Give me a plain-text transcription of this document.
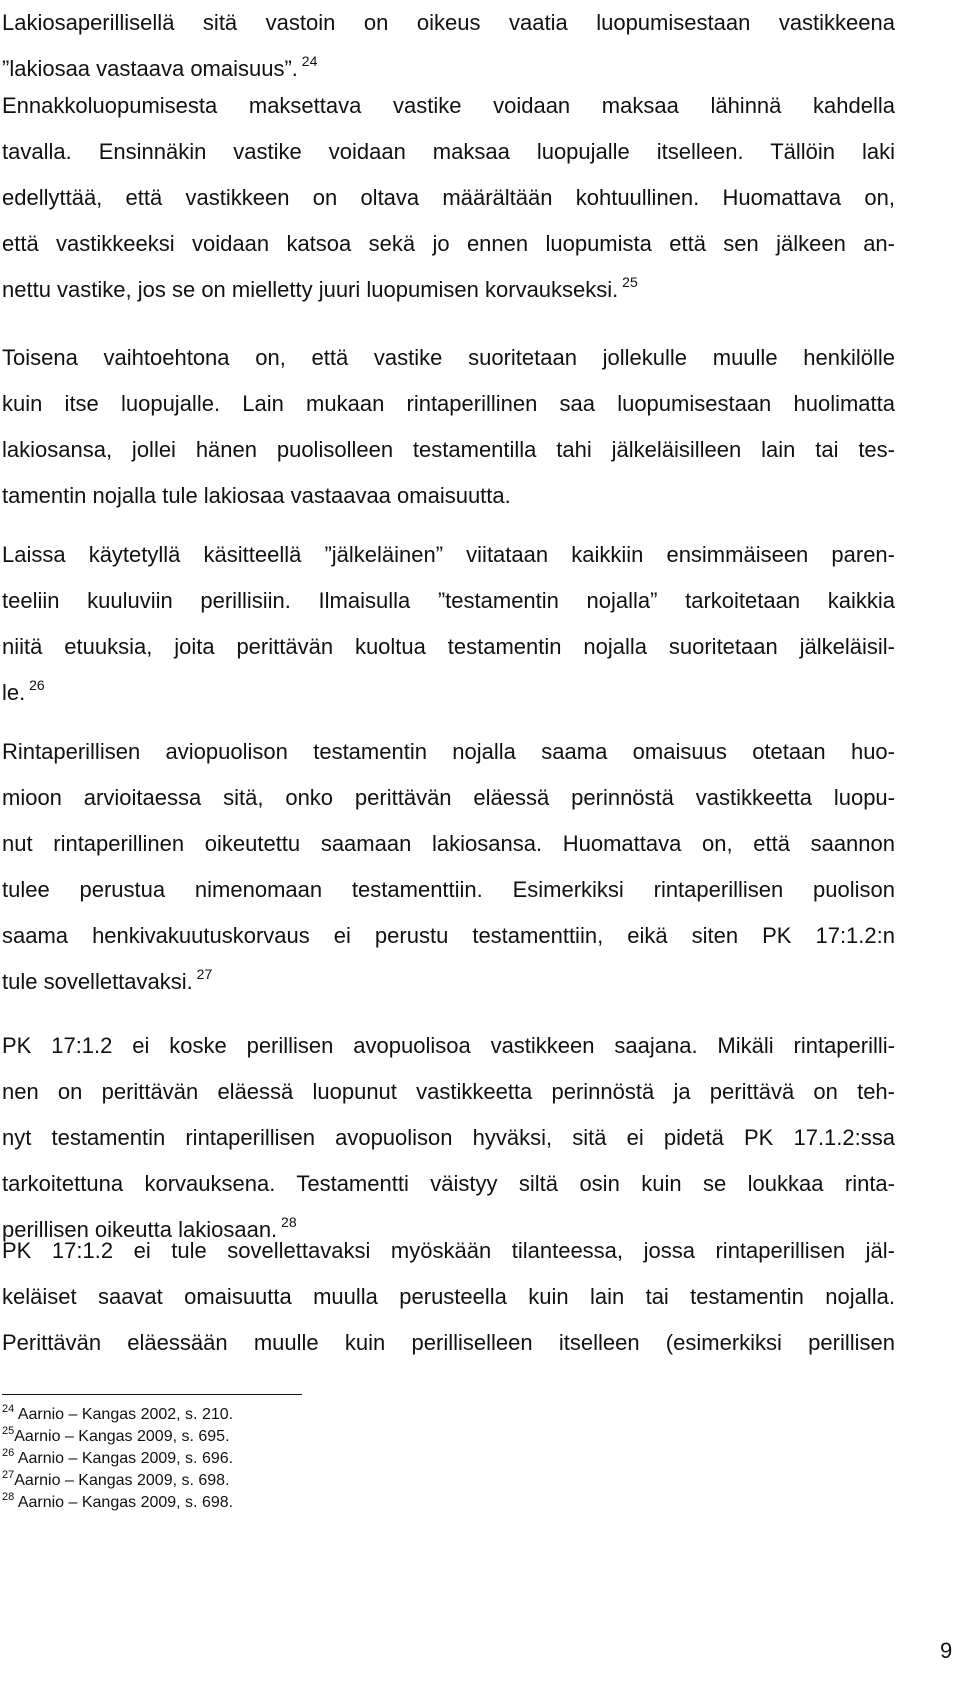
Lakiosaperillisellä sitä vastoin on oikeus vaatia luopumisestaan vastikkeena
”lakiosaa vastaava omaisuus”. $^{24}$
Ennakkoluopumisesta maksettava vastike voidaan maksaa lähinnä kahdella
tavalla. Ensinnäkin vastike voidaan maksaa luopujalle itselleen. Tällöin laki
edellyttää, että vastikkeen on oltava määrältään kohtuullinen. Huomattava on,
että vastikkeeksi voidaan katsoa sekä jo ennen luopumista että sen jälkeen an-
nettu vastike, jos se on mielletty juuri luopumisen korvaukseksi. $^{25}$
Toisena vaihtoehtona on, että vastike suoritetaan jollekulle muulle henkilölle
kuin itse luopujalle. Lain mukaan rintaperillinen saa luopumisestaan huolimatta
lakiosansa, jollei hänen puolisolleen testamentilla tahi jälkeläisilleen lain tai tes-
tamentin nojalla tule lakiosaa vastaavaa omaisuutta.
Laissa käytetyllä käsitteellä ”jälkeläinen” viitataan kaikkiin ensimmäiseen paren-
teeliin kuuluviin perillisiin. Ilmaisulla ”testamentin nojalla” tarkoitetaan kaikkia
niitä etuuksia, joita perittävän kuoltua testamentin nojalla suoritetaan jälkeläisil-
le. $^{26}$
Rintaperillisen aviopuolison testamentin nojalla saama omaisuus otetaan huo-
mioon arvioitaessa sitä, onko perittävän eläessä perinnöstä vastikkeetta luopu-
nut rintaperillinen oikeutettu saamaan lakiosansa. Huomattava on, että saannon
tulee perustua nimenomaan testamenttiin. Esimerkiksi rintaperillisen puolison
saama henkivakuutuskorvaus ei perustu testamenttiin, eikä siten PK 17:1.2:n
tule sovellettavaksi. $^{27}$
PK 17:1.2 ei koske perillisen avopuolisoa vastikkeen saajana. Mikäli rintaperilli-
nen on perittävän eläessä luopunut vastikkeetta perinnöstä ja perittävä on teh-
nyt testamentin rintaperillisen avopuolison hyväksi, sitä ei pidetä PK 17.1.2:ssa
tarkoitettuna korvauksena. Testamentti väistyy siltä osin kuin se loukkaa rinta-
perillisen oikeutta lakiosaan. $^{28}$
PK 17:1.2 ei tule sovellettavaksi myöskään tilanteessa, jossa rintaperillisen jäl-
keläiset saavat omaisuutta muulla perusteella kuin lain tai testamentin nojalla.
Perittävän eläessään muulle kuin perilliselleen itselleen (esimerkiksi perillisen
$^{24}$ Aarnio – Kangas 2002, s. 210.
$^{25}$Aarnio – Kangas 2009, s. 695.
$^{26}$ Aarnio – Kangas 2009, s. 696.
$^{27}$Aarnio – Kangas 2009, s. 698.
$^{28}$ Aarnio – Kangas 2009, s. 698.
9
